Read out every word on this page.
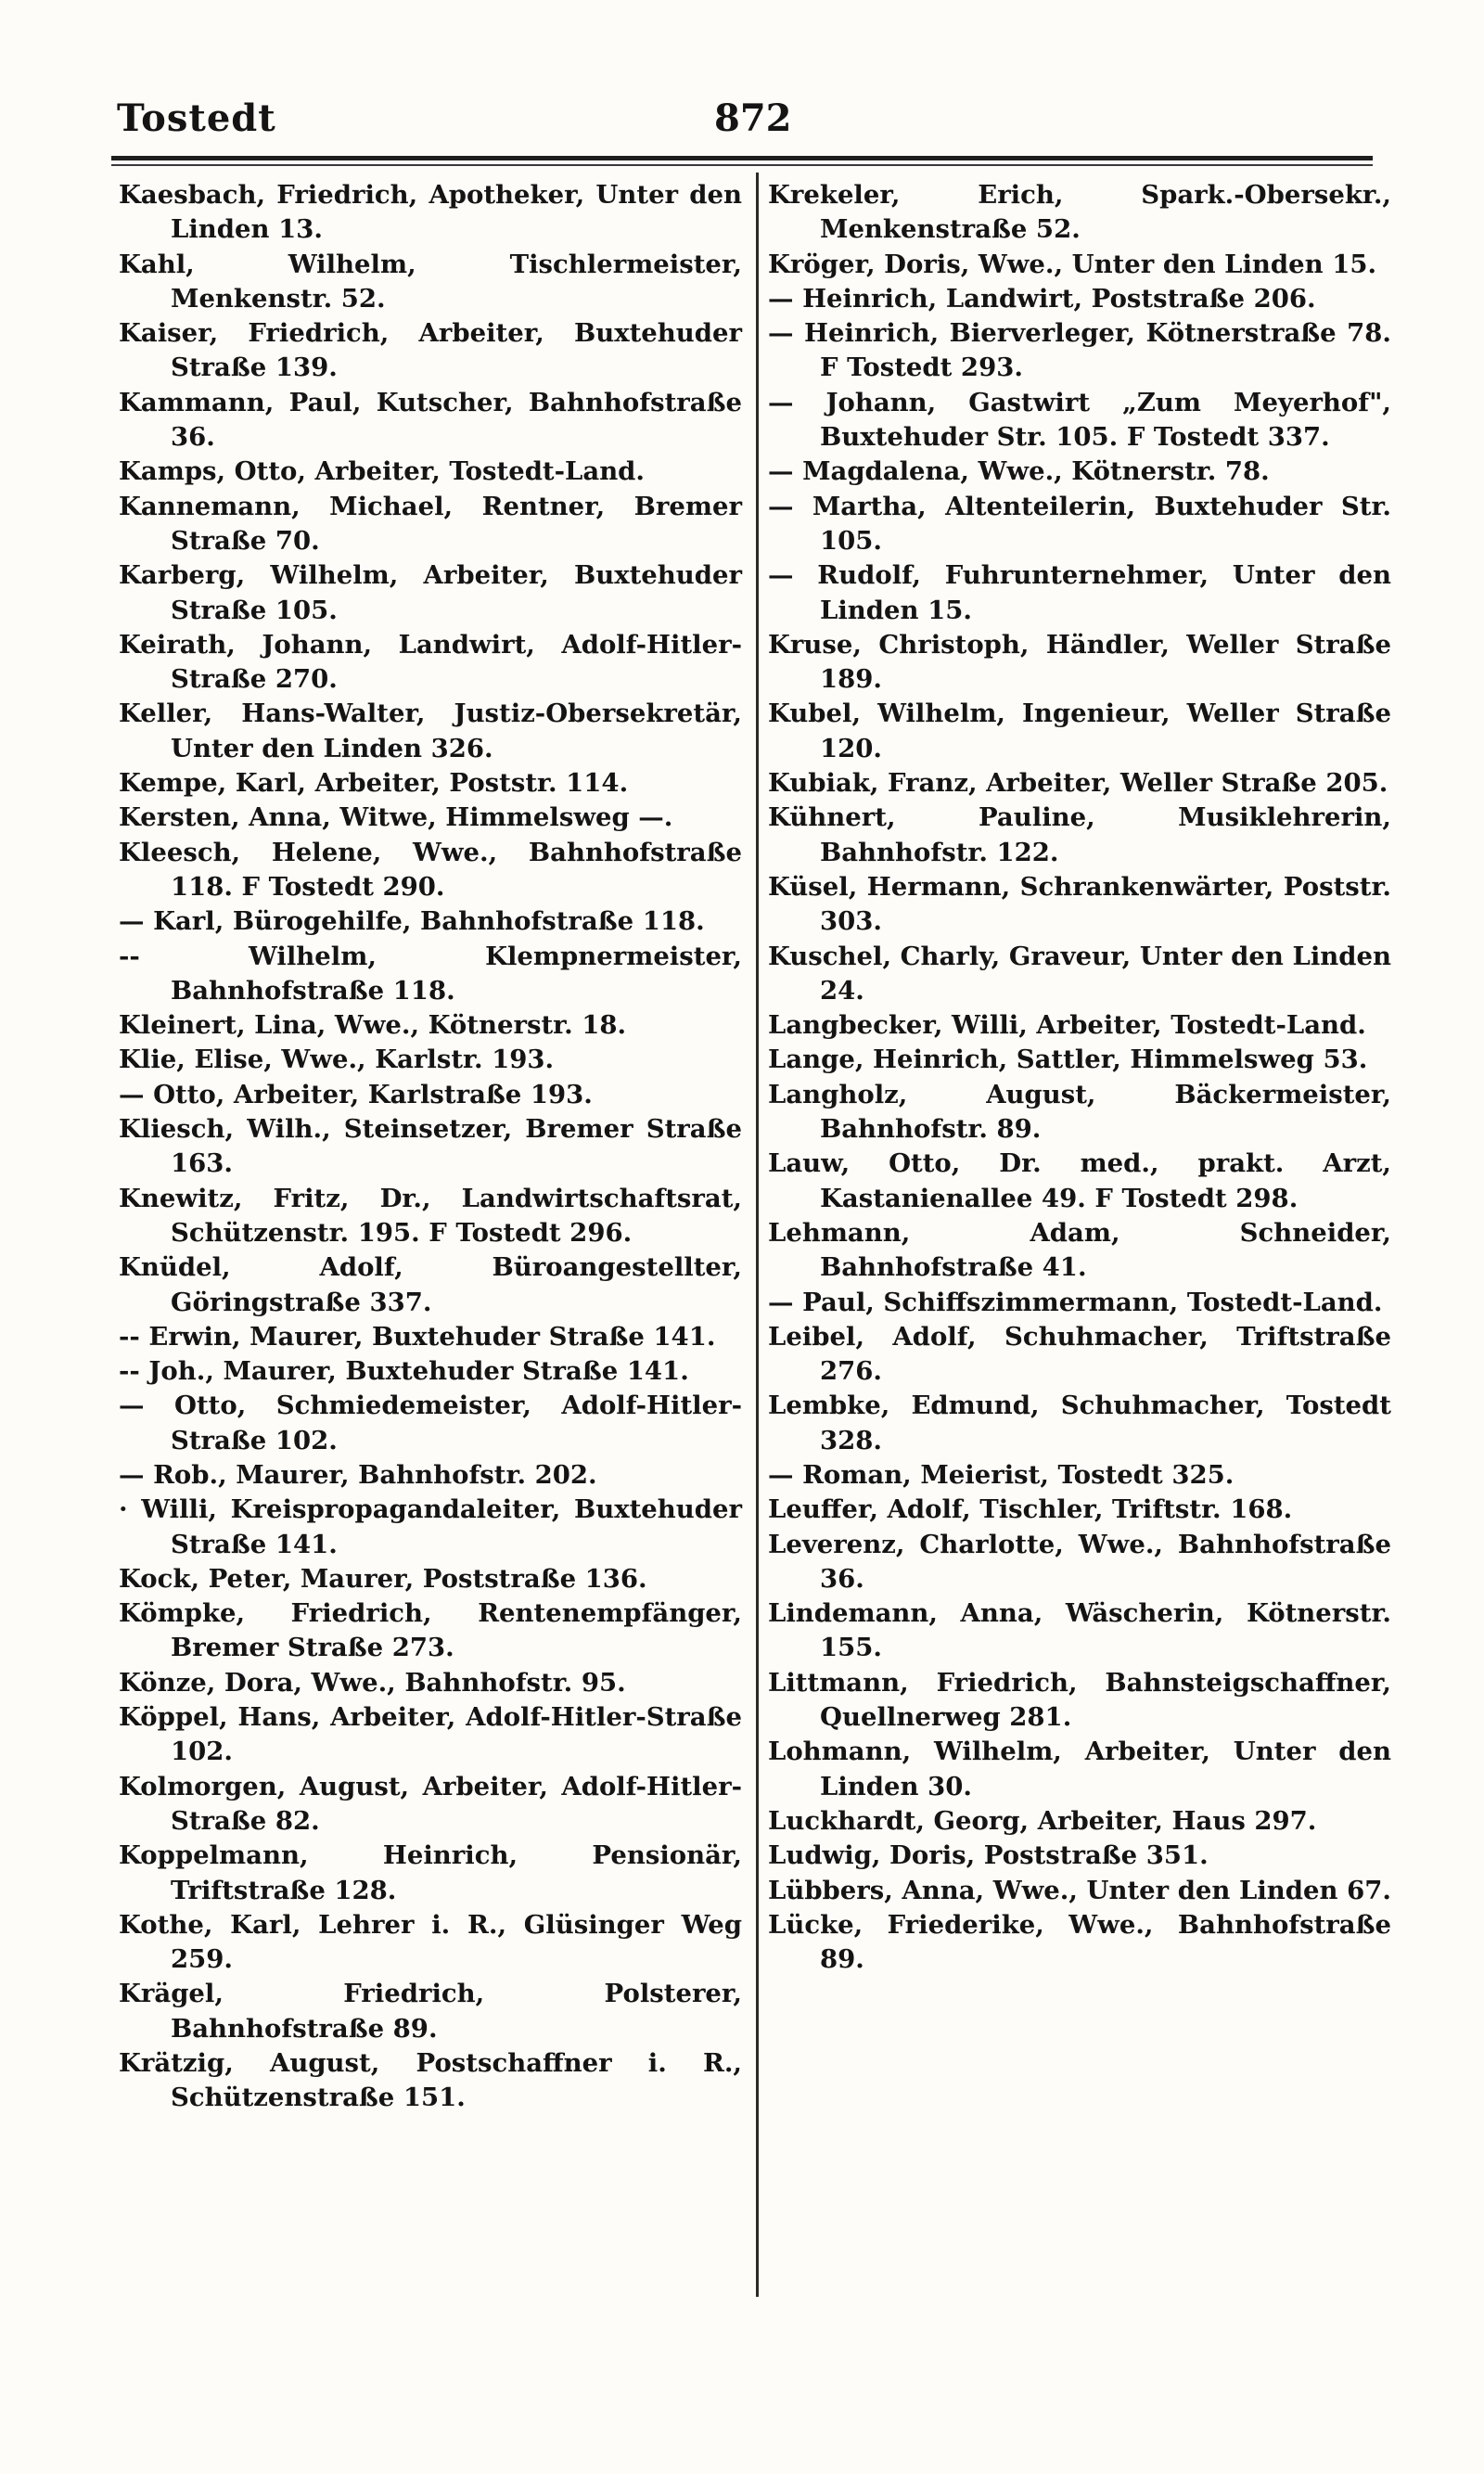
Tostedt	872

Kaesbach, Friedrich, Apotheker, Unter den Linden 13.

Kahl, Wilhelm, Tischlermeister, Menkenstr. 52.

Kaiser, Friedrich, Arbeiter, Buxtehuder Straße 139.

Kammann, Paul, Kutscher, Bahnhofstraße 36.

Kamps, Otto, Arbeiter, Tostedt-Land.

Kannemann, Michael, Rentner, Bremer Straße 70.

Karberg, Wilhelm, Arbeiter, Buxtehuder Straße 105.

Keirath, Johann, Landwirt, Adolf-Hitler-Straße 270.

Keller, Hans-Walter, Justiz-Obersekretär, Unter den Linden 326.

Kempe, Karl, Arbeiter, Poststr. 114.

Kersten, Anna, Witwe, Himmelsweg —.

Kleesch, Helene, Wwe., Bahnhofstraße 118. F Tostedt 290.

— Karl, Bürogehilfe, Bahnhofstraße 118.

-- Wilhelm, Klempnermeister, Bahnhofstraße 118.

Kleinert, Lina, Wwe., Kötnerstr. 18.

Klie, Elise, Wwe., Karlstr. 193.

— Otto, Arbeiter, Karlstraße 193.

Kliesch, Wilh., Steinsetzer, Bremer Straße 163.

Knewitz, Fritz, Dr., Landwirtschaftsrat, Schützenstr. 195. F Tostedt 296.

Knüdel, Adolf, Büroangestellter, Göringstraße 337.

-- Erwin, Maurer, Buxtehuder Straße 141.

-- Joh., Maurer, Buxtehuder Straße 141.

— Otto, Schmiedemeister, Adolf-Hitler-Straße 102.

— Rob., Maurer, Bahnhofstr. 202.

· Willi, Kreispropagandaleiter, Buxtehuder Straße 141.

Kock, Peter, Maurer, Poststraße 136.

Kömpke, Friedrich, Rentenempfänger, Bremer Straße 273.

Könze, Dora, Wwe., Bahnhofstr. 95.

Köppel, Hans, Arbeiter, Adolf-Hitler-Straße 102.

Kolmorgen, August, Arbeiter, Adolf-Hitler-Straße 82.

Koppelmann, Heinrich, Pensionär, Triftstraße 128.

Kothe, Karl, Lehrer i. R., Glüsinger Weg 259.

Krägel, Friedrich, Polsterer, Bahnhofstraße 89.

Krätzig, August, Postschaffner i. R., Schützenstraße 151.

Krekeler, Erich, Spark.-Obersekr., Menkenstraße 52.

Kröger, Doris, Wwe., Unter den Linden 15.

— Heinrich, Landwirt, Poststraße 206.

— Heinrich, Bierverleger, Kötnerstraße 78. F Tostedt 293.

— Johann, Gastwirt „Zum Meyerhof", Buxtehuder Str. 105. F Tostedt 337.

— Magdalena, Wwe., Kötnerstr. 78.

— Martha, Altenteilerin, Buxtehuder Str. 105.

— Rudolf, Fuhrunternehmer, Unter den Linden 15.

Kruse, Christoph, Händler, Weller Straße 189.

Kubel, Wilhelm, Ingenieur, Weller Straße 120.

Kubiak, Franz, Arbeiter, Weller Straße 205.

Kühnert, Pauline, Musiklehrerin, Bahnhofstr. 122.

Küsel, Hermann, Schrankenwärter, Poststr. 303.

Kuschel, Charly, Graveur, Unter den Linden 24.

Langbecker, Willi, Arbeiter, Tostedt-Land.

Lange, Heinrich, Sattler, Himmelsweg 53.

Langholz, August, Bäckermeister, Bahnhofstr. 89.

Lauw, Otto, Dr. med., prakt. Arzt, Kastanienallee 49. F Tostedt 298.

Lehmann, Adam, Schneider, Bahnhofstraße 41.

— Paul, Schiffszimmermann, Tostedt-Land.

Leibel, Adolf, Schuhmacher, Triftstraße 276.

Lembke, Edmund, Schuhmacher, Tostedt 328.

— Roman, Meierist, Tostedt 325.

Leuffer, Adolf, Tischler, Triftstr. 168.

Leverenz, Charlotte, Wwe., Bahnhofstraße 36.

Lindemann, Anna, Wäscherin, Kötnerstr. 155.

Littmann, Friedrich, Bahnsteigschaffner, Quellnerweg 281.

Lohmann, Wilhelm, Arbeiter, Unter den Linden 30.

Luckhardt, Georg, Arbeiter, Haus 297.

Ludwig, Doris, Poststraße 351.

Lübbers, Anna, Wwe., Unter den Linden 67.

Lücke, Friederike, Wwe., Bahnhofstraße 89.
